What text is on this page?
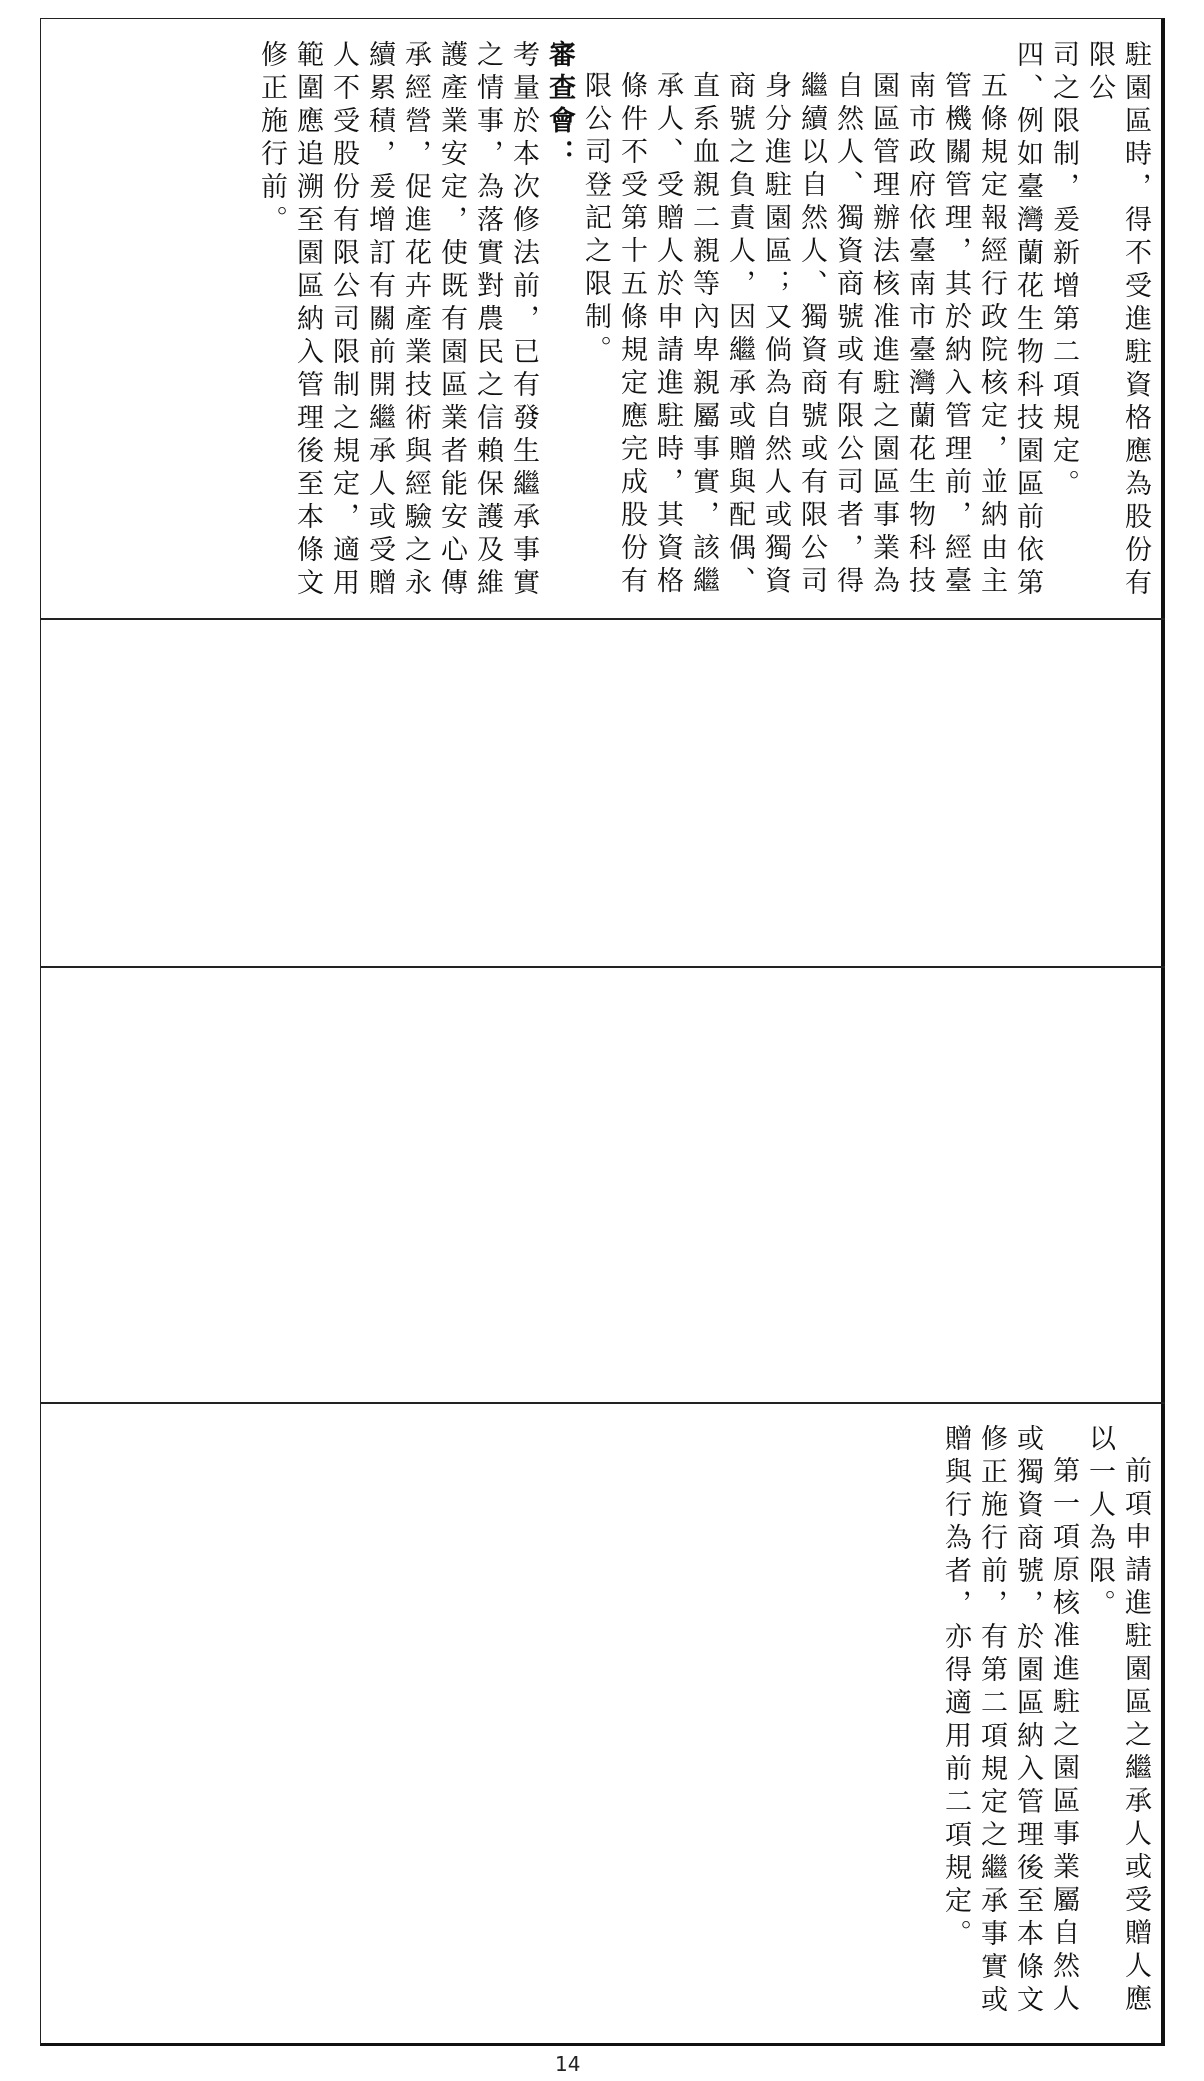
駐園區時，得不受進駐資格應為股份有限公

司之限制，爰新增第二項規定。

四、例如臺灣蘭花生物科技園區前依第五條規定報經行政院核定，並納由主管機關管理，其於納入管理前，經臺南市政府依臺南市臺灣蘭花生物科技園區管理辦法核准進駐之園區事業為自然人、獨資商號或有限公司者，得繼續以自然人、獨資商號或有限公司身分進駐園區；又倘為自然人或獨資商號之負責人，因繼承或贈與配偶、直系血親二親等內卑親屬事實，該繼承人、受贈人於申請進駐時，其資格條件不受第十五條規定應完成股份有限公司登記之限制。

審查會：

考量於本次修法前，已有發生繼承事實之情事，為落實對農民之信賴保護及維護產業安定，使既有園區業者能安心傳承經營，促進花卉產業技術與經驗之永續累積，爰增訂有關前開繼承人或受贈人不受股份有限公司限制之規定，適用範圍應追溯至園區納入管理後至本條文修正施行前。

前項申請進駐園區之繼承人或受贈人應以一人為限。

第一項原核准進駐之園區事業屬自然人或獨資商號，於園區納入管理後至本條文修正施行前，有第二項規定之繼承事實或贈與行為者，亦得適用前二項規定。

14
